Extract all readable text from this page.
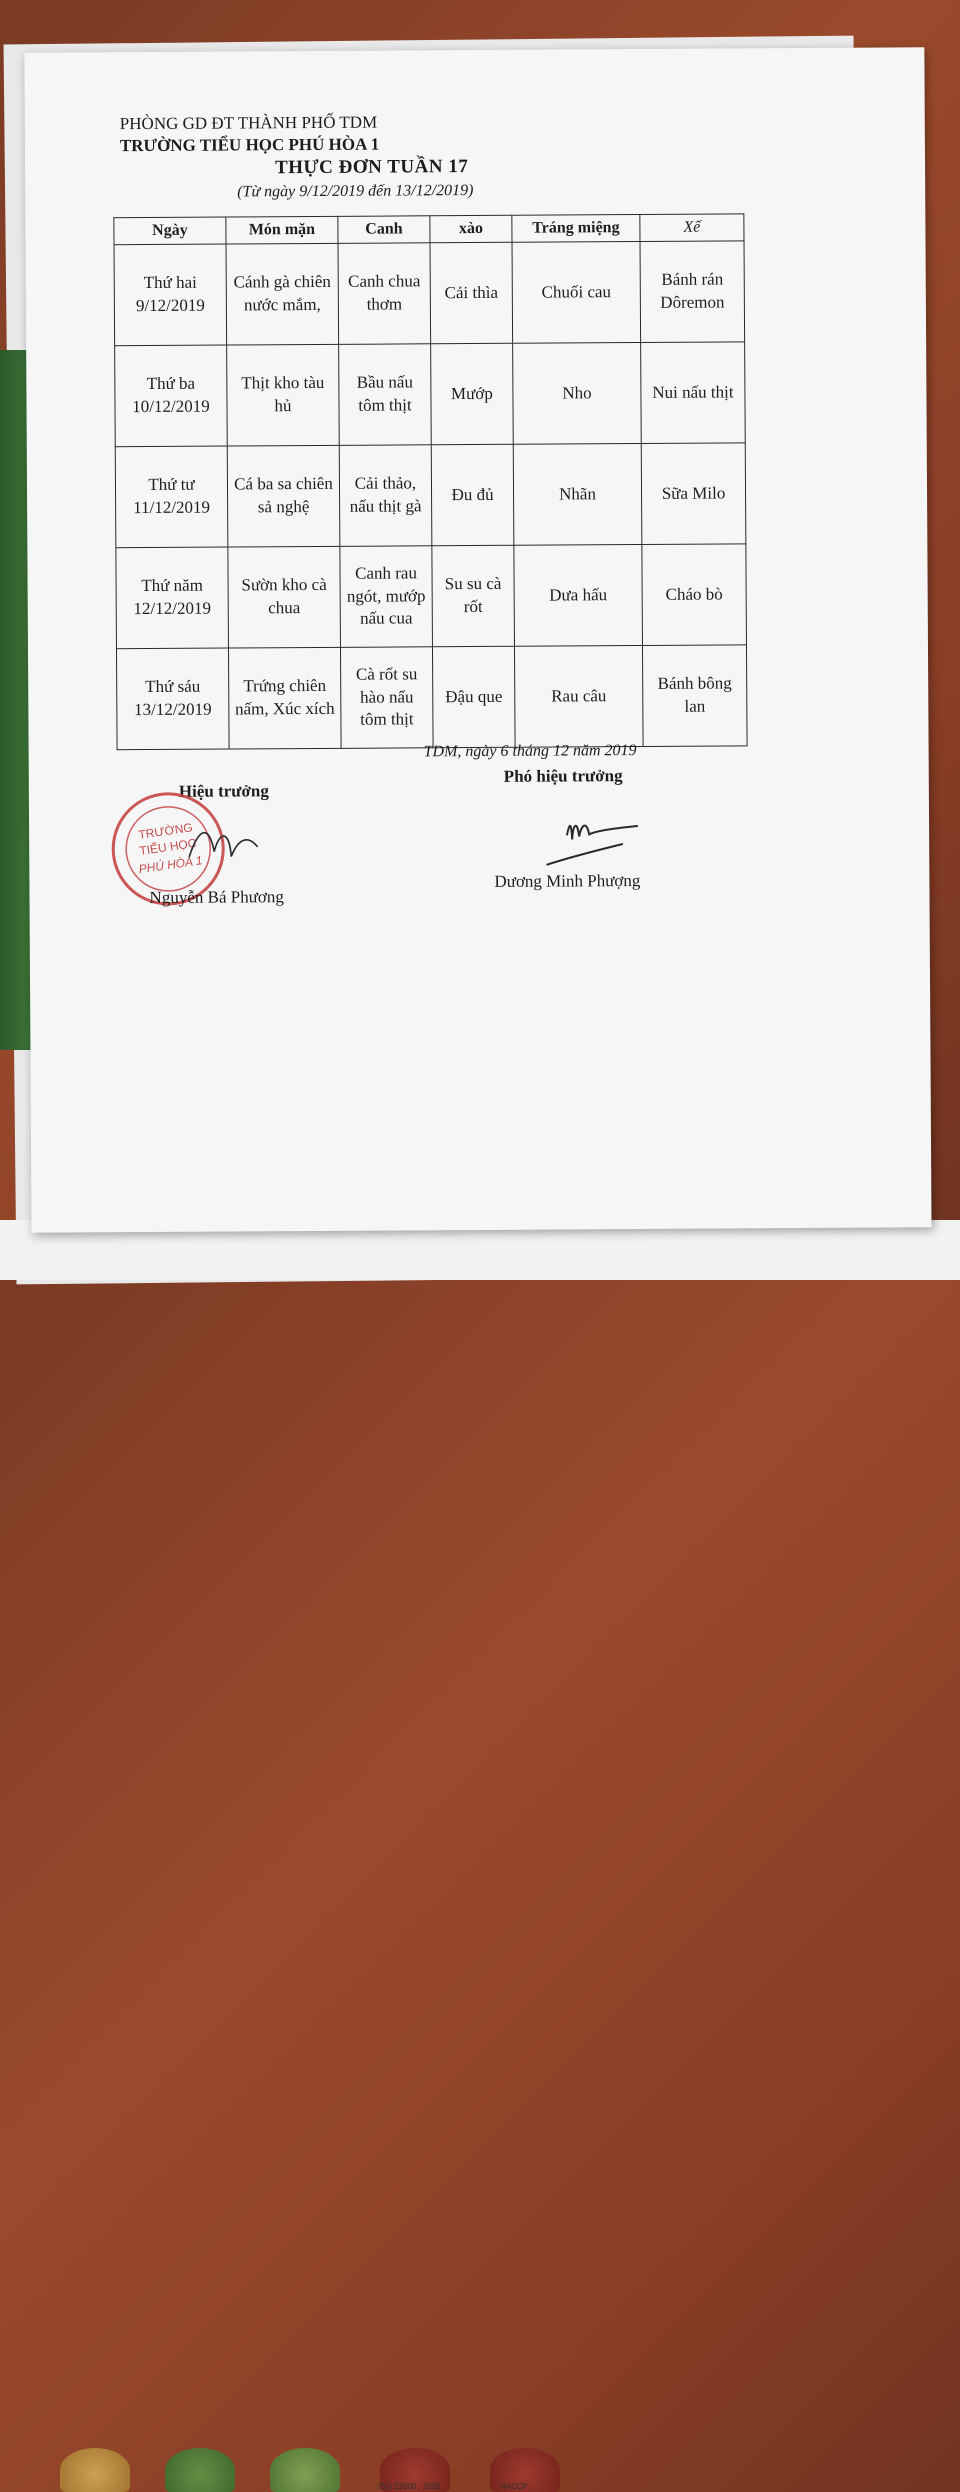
ISO 22000 : 2005	HACCP
PHÒNG GD ĐT THÀNH PHỐ TDM
TRƯỜNG TIỂU HỌC PHÚ HÒA 1
THỰC ĐƠN TUẦN 17
(Từ ngày 9/12/2019 đến 13/12/2019)
Ngày	Món mặn	Canh	xào	Tráng miệng	Xế
Thứ hai
9/12/2019	Cánh gà chiên nước mắm,	Canh chua thơm	Cải thìa	Chuối cau	Bánh rán Dôremon
Thứ ba
10/12/2019	Thịt kho tàu hủ	Bầu nấu tôm thịt	Mướp	Nho	Nui nấu thịt
Thứ tư
11/12/2019	Cá ba sa chiên sả nghệ	Cải thảo, nấu thịt gà	Đu đủ	Nhãn	Sữa Milo
Thứ năm
12/12/2019	Sườn kho cà chua	Canh rau ngót, mướp nấu cua	Su su cà rốt	Dưa hấu	Cháo bò
Thứ sáu
13/12/2019	Trứng chiên nấm, Xúc xích	Cà rốt su hào nấu tôm thịt	Đậu que	Rau câu	Bánh bông lan
TDM, ngày 6 tháng 12 năm 2019
Phó hiệu trưởng
Hiệu trưởng
TRƯỜNG
TIỂU HỌC
PHÚ HÒA 1
Dương Minh Phượng
Nguyễn Bá Phương
